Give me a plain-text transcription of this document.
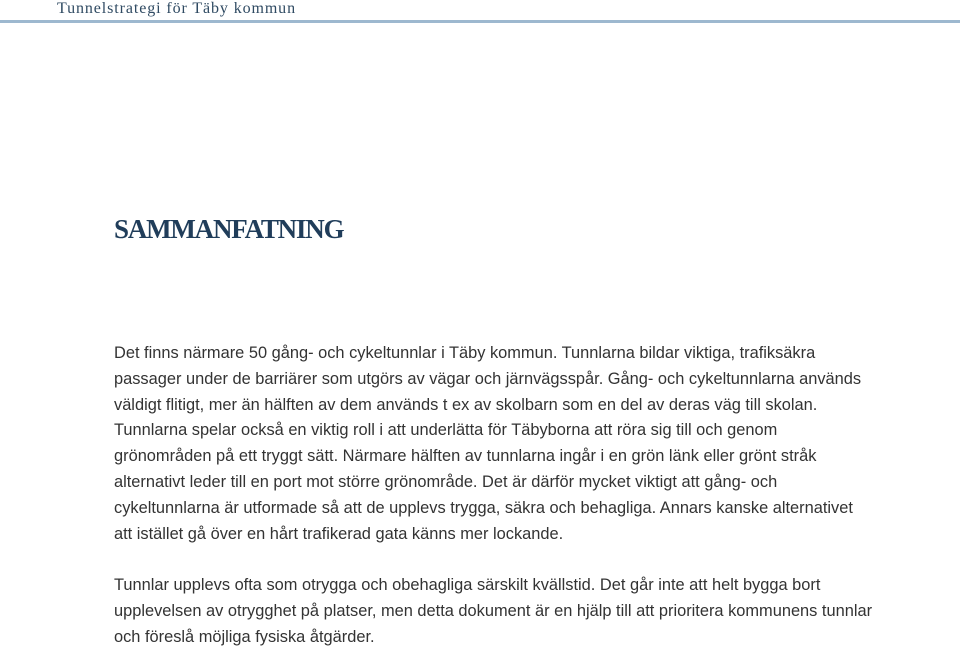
Tunnelstrategi för Täby kommun
SAMMANFATNING

Det finns närmare 50 gång- och cykeltunnlar i Täby kommun. Tunnlarna bildar viktiga, trafiksäkra passager under de barriärer som utgörs av vägar och järnvägsspår. Gång- och cykeltunnlarna används väldigt flitigt, mer än hälften av dem används t ex av skolbarn som en del av deras väg till skolan. Tunnlarna spelar också en viktig roll i att underlätta för Täbyborna att röra sig till och genom grönområden på ett tryggt sätt. Närmare hälften av tunnlarna ingår i en grön länk eller grönt stråk alternativt leder till en port mot större grönområde. Det är därför mycket viktigt att gång- och cykeltunnlarna är utformade så att de upplevs trygga, säkra och behagliga. Annars kanske alternativet att istället gå över en hårt trafikerad gata känns mer lockande.

Tunnlar upplevs ofta som otrygga och obehagliga särskilt kvällstid. Det går inte att helt bygga bort upplevelsen av otrygghet på platser, men detta dokument är en hjälp till att prioritera kommunens tunnlar och föreslå möjliga fysiska åtgärder.
